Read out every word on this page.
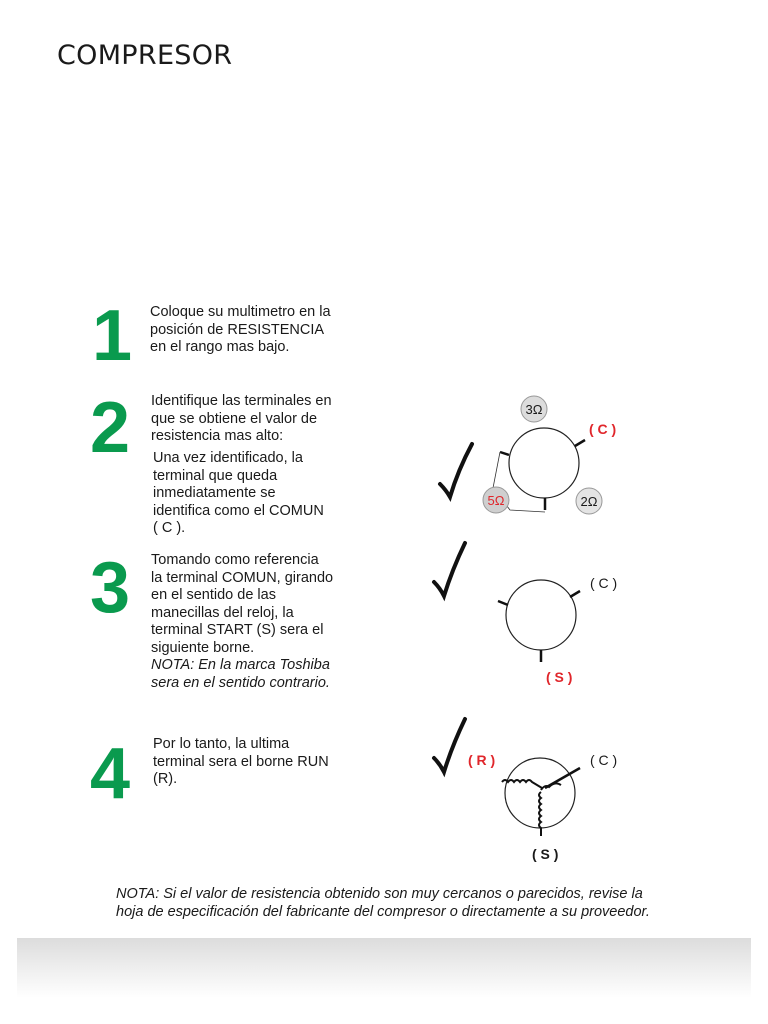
COMPRESOR
1 Coloque su multimetro en la
posición de RESISTENCIA
en el rango mas bajo.
2 Identifique las terminales en
que se obtiene el valor de
resistencia mas alto:
Una vez identificado, la
terminal que queda
inmediatamente se
identifica como el COMUN
( C ).
3 Tomando como referencia
la terminal COMUN, girando
en el sentido de las
manecillas del reloj, la
terminal START (S) sera el
siguiente borne.
NOTA: En la marca Toshiba
sera en el sentido contrario.
4 Por lo tanto, la ultima
terminal sera el borne RUN
(R).
3Ω
5Ω	2Ω
( C )
( C )
( S )
( R )	( C )
( S )
NOTA: Si el valor de resistencia obtenido son muy cercanos o parecidos, revise la
hoja de especificación del fabricante del compresor o directamente a su proveedor.
